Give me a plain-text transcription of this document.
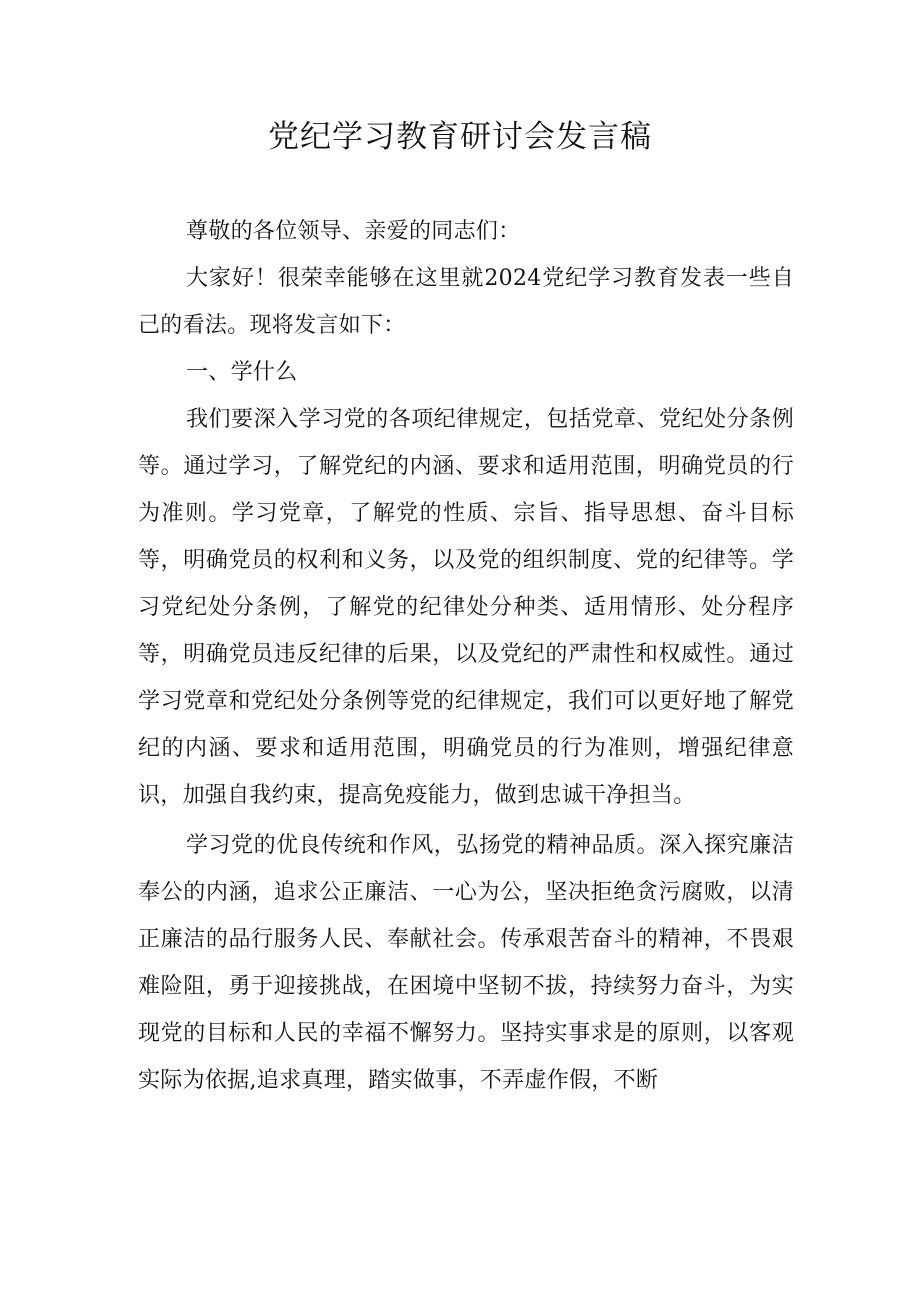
党纪学习教育研讨会发言稿

尊敬的各位领导、亲爱的同志们：

大家好！很荣幸能够在这里就2024党纪学习教育发表一些自己的看法。现将发言如下：

一、学什么

我们要深入学习党的各项纪律规定，包括党章、党纪处分条例等。通过学习，了解党纪的内涵、要求和适用范围，明确党员的行为准则。学习党章，了解党的性质、宗旨、指导思想、奋斗目标等，明确党员的权利和义务，以及党的组织制度、党的纪律等。学习党纪处分条例，了解党的纪律处分种类、适用情形、处分程序等，明确党员违反纪律的后果，以及党纪的严肃性和权威性。通过学习党章和党纪处分条例等党的纪律规定，我们可以更好地了解党纪的内涵、要求和适用范围，明确党员的行为准则，增强纪律意识，加强自我约束，提高免疫能力，做到忠诚干净担当。

学习党的优良传统和作风，弘扬党的精神品质。深入探究廉洁奉公的内涵，追求公正廉洁、一心为公，坚决拒绝贪污腐败，以清正廉洁的品行服务人民、奉献社会。传承艰苦奋斗的精神，不畏艰难险阻，勇于迎接挑战，在困境中坚韧不拔，持续努力奋斗，为实现党的目标和人民的幸福不懈努力。坚持实事求是的原则，以客观实际为依据,追求真理，踏实做事，不弄虚作假，不断
